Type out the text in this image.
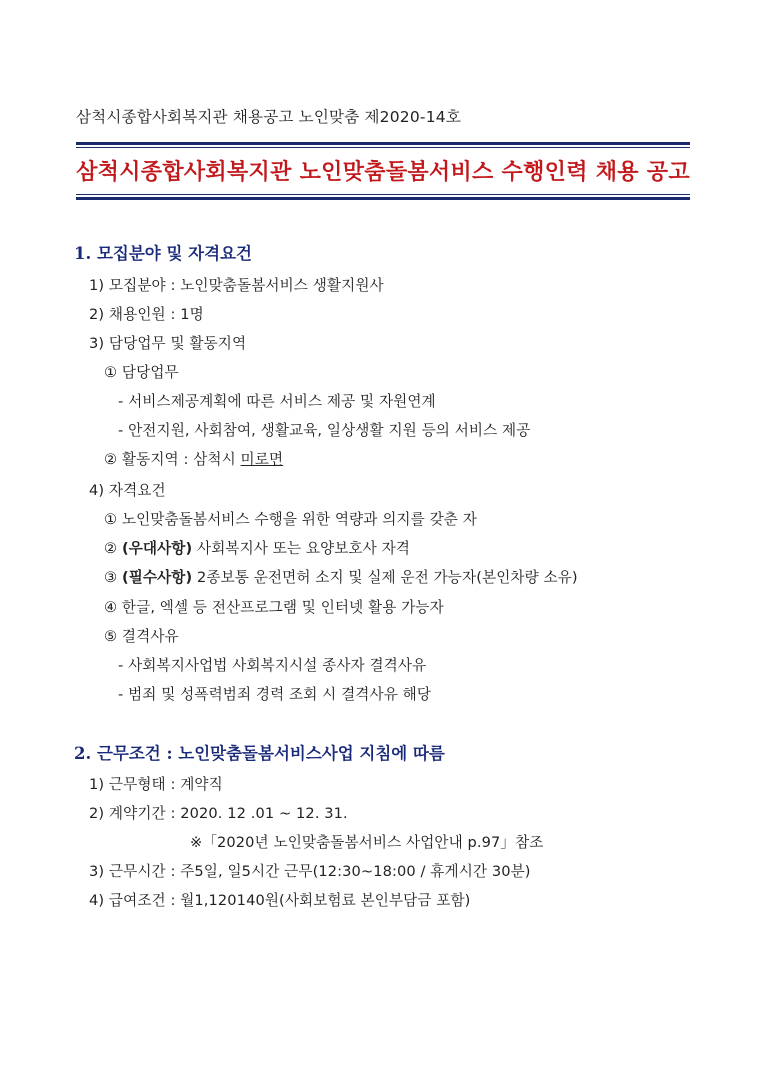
삼척시종합사회복지관 채용공고 노인맞춤 제2020-14호
삼척시종합사회복지관 노인맞춤돌봄서비스 수행인력 채용 공고
1. 모집분야 및 자격요건
1) 모집분야 : 노인맞춤돌봄서비스 생활지원사
2) 채용인원 : 1명
3) 담당업무 및 활동지역
① 담당업무
- 서비스제공계획에 따른 서비스 제공 및 자원연계
- 안전지원, 사회참여, 생활교육, 일상생활 지원 등의 서비스 제공
② 활동지역 : 삼척시 미로면
4) 자격요건
① 노인맞춤돌봄서비스 수행을 위한 역량과 의지를 갖춘 자
② (우대사항) 사회복지사 또는 요양보호사 자격
③ (필수사항) 2종보통 운전면허 소지 및 실제 운전 가능자(본인차량 소유)
④ 한글, 엑셀 등 전산프로그램 및 인터넷 활용 가능자
⑤ 결격사유
- 사회복지사업법 사회복지시설 종사자 결격사유
- 범죄 및 성폭력범죄 경력 조회 시 결격사유 해당
2. 근무조건 : 노인맞춤돌봄서비스사업 지침에 따름
1) 근무형태 : 계약직
2) 계약기간 : 2020. 12 .01 ~ 12. 31.
※「2020년 노인맞춤돌봄서비스 사업안내 p.97」참조
3) 근무시간 : 주5일, 일5시간 근무(12:30~18:00 / 휴게시간 30분)
4) 급여조건 : 월1,120140원(사회보험료 본인부담금 포함)
